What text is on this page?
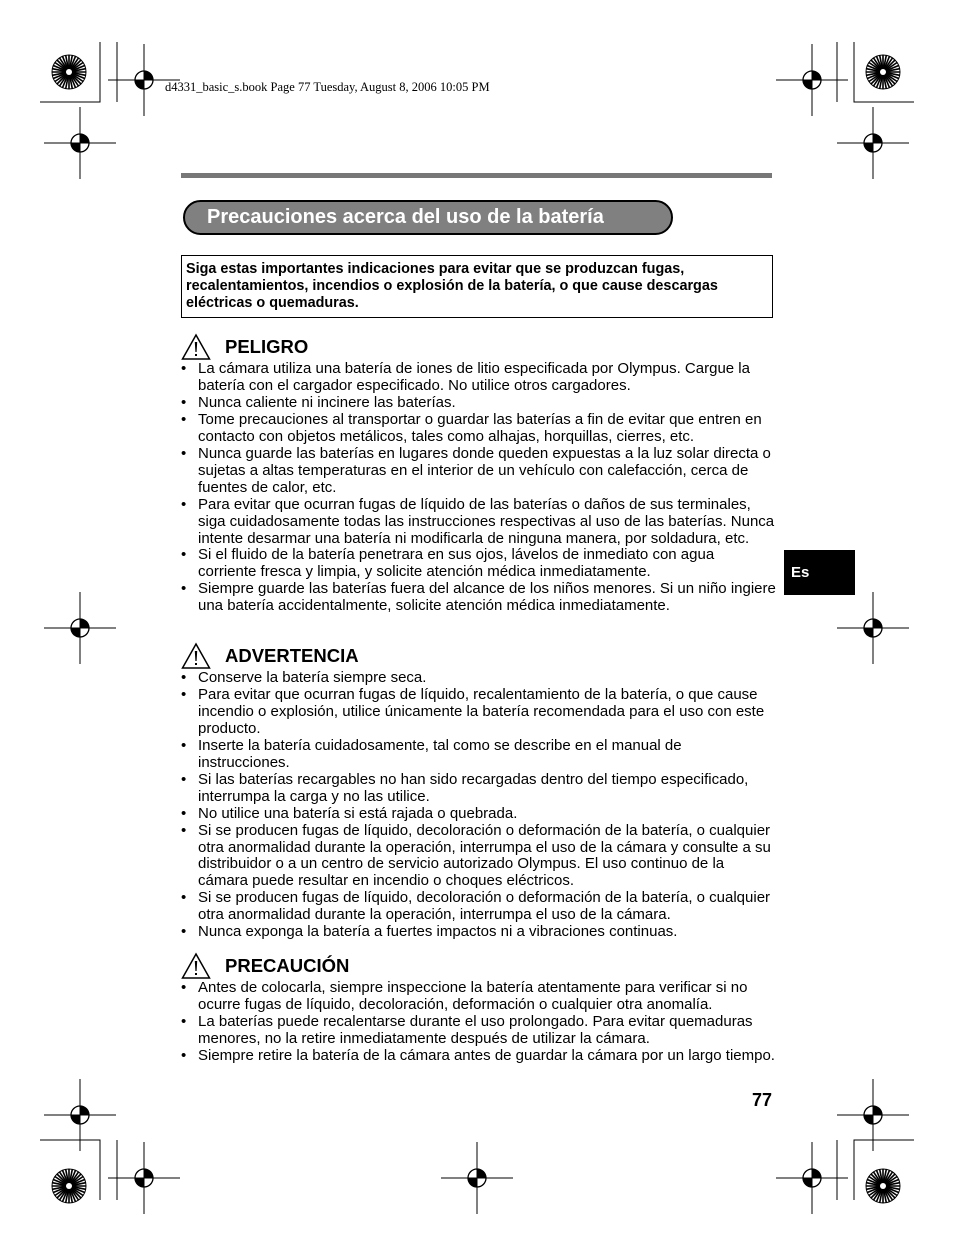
d4331_basic_s.book Page 77 Tuesday, August 8, 2006 10:05 PM
Precauciones acerca del uso de la batería
Siga estas importantes indicaciones para evitar que se produzcan fugas, recalentamientos, incendios o explosión de la batería, o que cause descargas eléctricas o quemaduras.
PELIGRO
• La cámara utiliza una batería de iones de litio especificada por Olympus. Cargue la batería con el cargador especificado. No utilice otros cargadores.
• Nunca caliente ni incinere las baterías.
• Tome precauciones al transportar o guardar las baterías a fin de evitar que entren en contacto con objetos metálicos, tales como alhajas, horquillas, cierres, etc.
• Nunca guarde las baterías en lugares donde queden expuestas a la luz solar directa o sujetas a altas temperaturas en el interior de un vehículo con calefacción, cerca de fuentes de calor, etc.
• Para evitar que ocurran fugas de líquido de las baterías o daños de sus terminales, siga cuidadosamente todas las instrucciones respectivas al uso de las baterías. Nunca intente desarmar una batería ni modificarla de ninguna manera, por soldadura, etc.
• Si el fluido de la batería penetrara en sus ojos, lávelos de inmediato con agua corriente fresca y limpia, y solicite atención médica inmediatamente.
• Siempre guarde las baterías fuera del alcance de los niños menores. Si un niño ingiere una batería accidentalmente, solicite atención médica inmediatamente.
ADVERTENCIA
• Conserve la batería siempre seca.
• Para evitar que ocurran fugas de líquido, recalentamiento de la batería, o que cause incendio o explosión, utilice únicamente la batería recomendada para el uso con este producto.
• Inserte la batería cuidadosamente, tal como se describe en el manual de instrucciones.
• Si las baterías recargables no han sido recargadas dentro del tiempo especificado, interrumpa la carga y no las utilice.
• No utilice una batería si está rajada o quebrada.
• Si se producen fugas de líquido, decoloración o deformación de la batería, o cualquier otra anormalidad durante la operación, interrumpa el uso de la cámara y consulte a su distribuidor o a un centro de servicio autorizado Olympus. El uso continuo de la cámara puede resultar en incendio o choques eléctricos.
• Si se producen fugas de líquido, decoloración o deformación de la batería, o cualquier otra anormalidad durante la operación, interrumpa el uso de la cámara.
• Nunca exponga la batería a fuertes impactos ni a vibraciones continuas.
PRECAUCIÓN
• Antes de colocarla, siempre inspeccione la batería atentamente para verificar si no ocurre fugas de líquido, decoloración, deformación o cualquier otra anomalía.
• La baterías puede recalentarse durante el uso prolongado. Para evitar quemaduras menores, no la retire inmediatamente después de utilizar la cámara.
• Siempre retire la batería de la cámara antes de guardar la cámara por un largo tiempo.
Es
77
